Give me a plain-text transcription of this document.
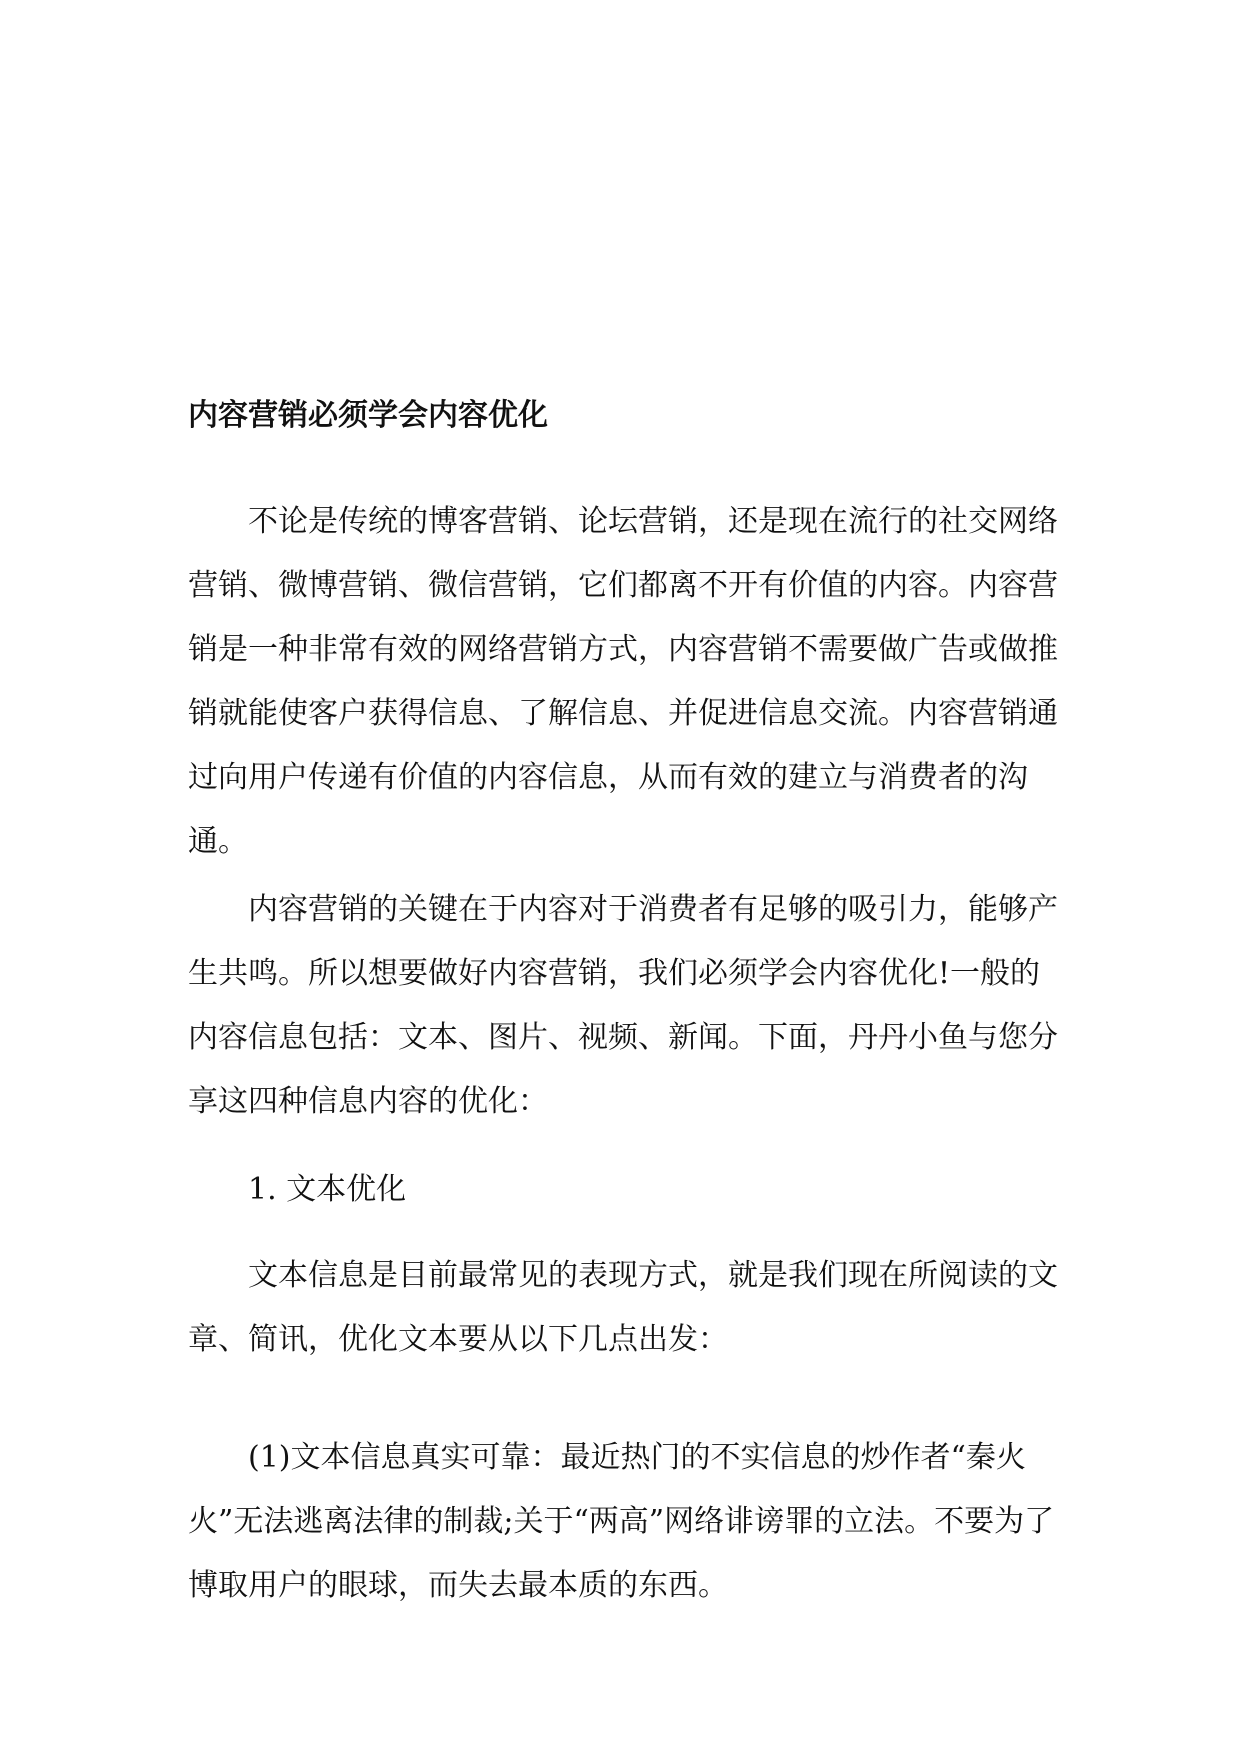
内容营销必须学会内容优化

不论是传统的博客营销、论坛营销，还是现在流行的社交网络营销、微博营销、微信营销，它们都离不开有价值的内容。内容营销是一种非常有效的网络营销方式，内容营销不需要做广告或做推销就能使客户获得信息、了解信息、并促进信息交流。内容营销通过向用户传递有价值的内容信息，从而有效的建立与消费者的沟通。

内容营销的关键在于内容对于消费者有足够的吸引力，能够产生共鸣。所以想要做好内容营销，我们必须学会内容优化!一般的内容信息包括：文本、图片、视频、新闻。下面，丹丹小鱼与您分享这四种信息内容的优化：

1. 文本优化

文本信息是目前最常见的表现方式，就是我们现在所阅读的文章、简讯，优化文本要从以下几点出发：

(1)文本信息真实可靠：最近热门的不实信息的炒作者“秦火火”无法逃离法律的制裁;关于“两高”网络诽谤罪的立法。不要为了博取用户的眼球，而失去最本质的东西。
